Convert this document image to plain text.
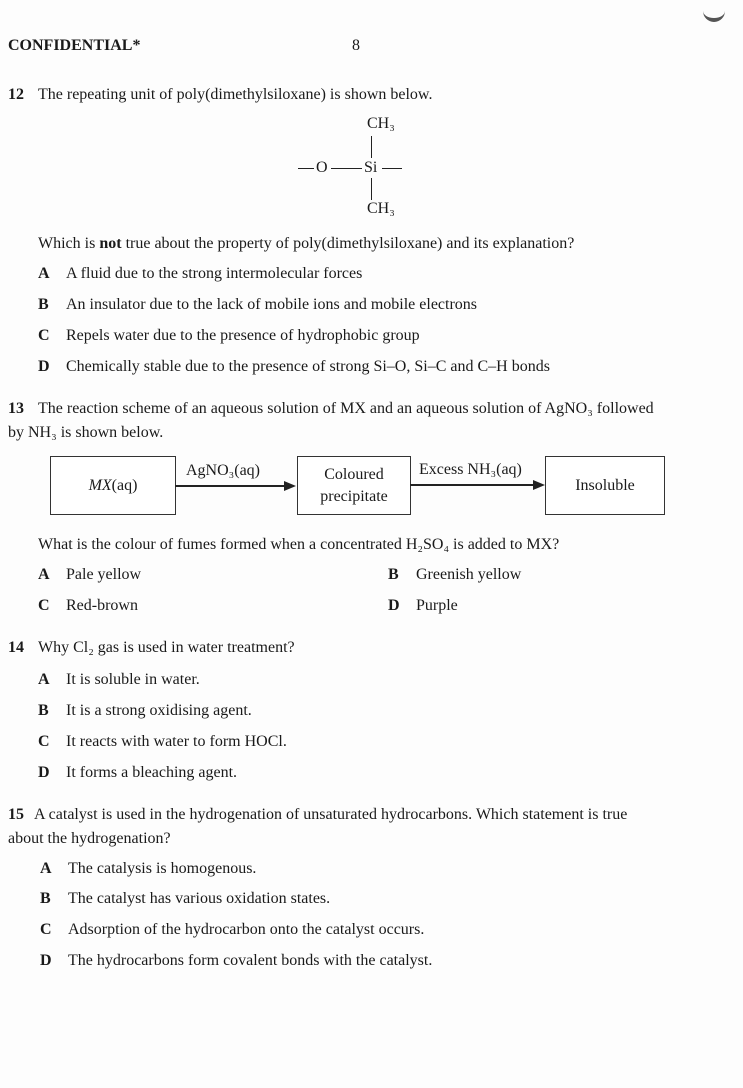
CONFIDENTIAL*	8
12 The repeating unit of poly(dimethylsiloxane) is shown below.
CH₃
O Si
CH₃
Which is not true about the property of poly(dimethylsiloxane) and its explanation?
A A fluid due to the strong intermolecular forces
B An insulator due to the lack of mobile ions and mobile electrons
C Repels water due to the presence of hydrophobic group
D Chemically stable due to the presence of strong Si–O, Si–C and C–H bonds
13 The reaction scheme of an aqueous solution of MX and an aqueous solution of AgNO₃ followed
by NH₃ is shown below.
MX(aq)
AgNO₃(aq)	Coloured
precipitate
Excess NH₃(aq)
Insoluble
What is the colour of fumes formed when a concentrated H₂SO₄ is added to MX?
A Pale yellow	B Greenish yellow
C Red-brown	D Purple
14 Why Cl₂ gas is used in water treatment?
A It is soluble in water.
B It is a strong oxidising agent.
C It reacts with water to form HOCl.
D It forms a bleaching agent.
15 A catalyst is used in the hydrogenation of unsaturated hydrocarbons. Which statement is true
about the hydrogenation?
A The catalysis is homogenous.
B The catalyst has various oxidation states.
C Adsorption of the hydrocarbon onto the catalyst occurs.
D The hydrocarbons form covalent bonds with the catalyst.
